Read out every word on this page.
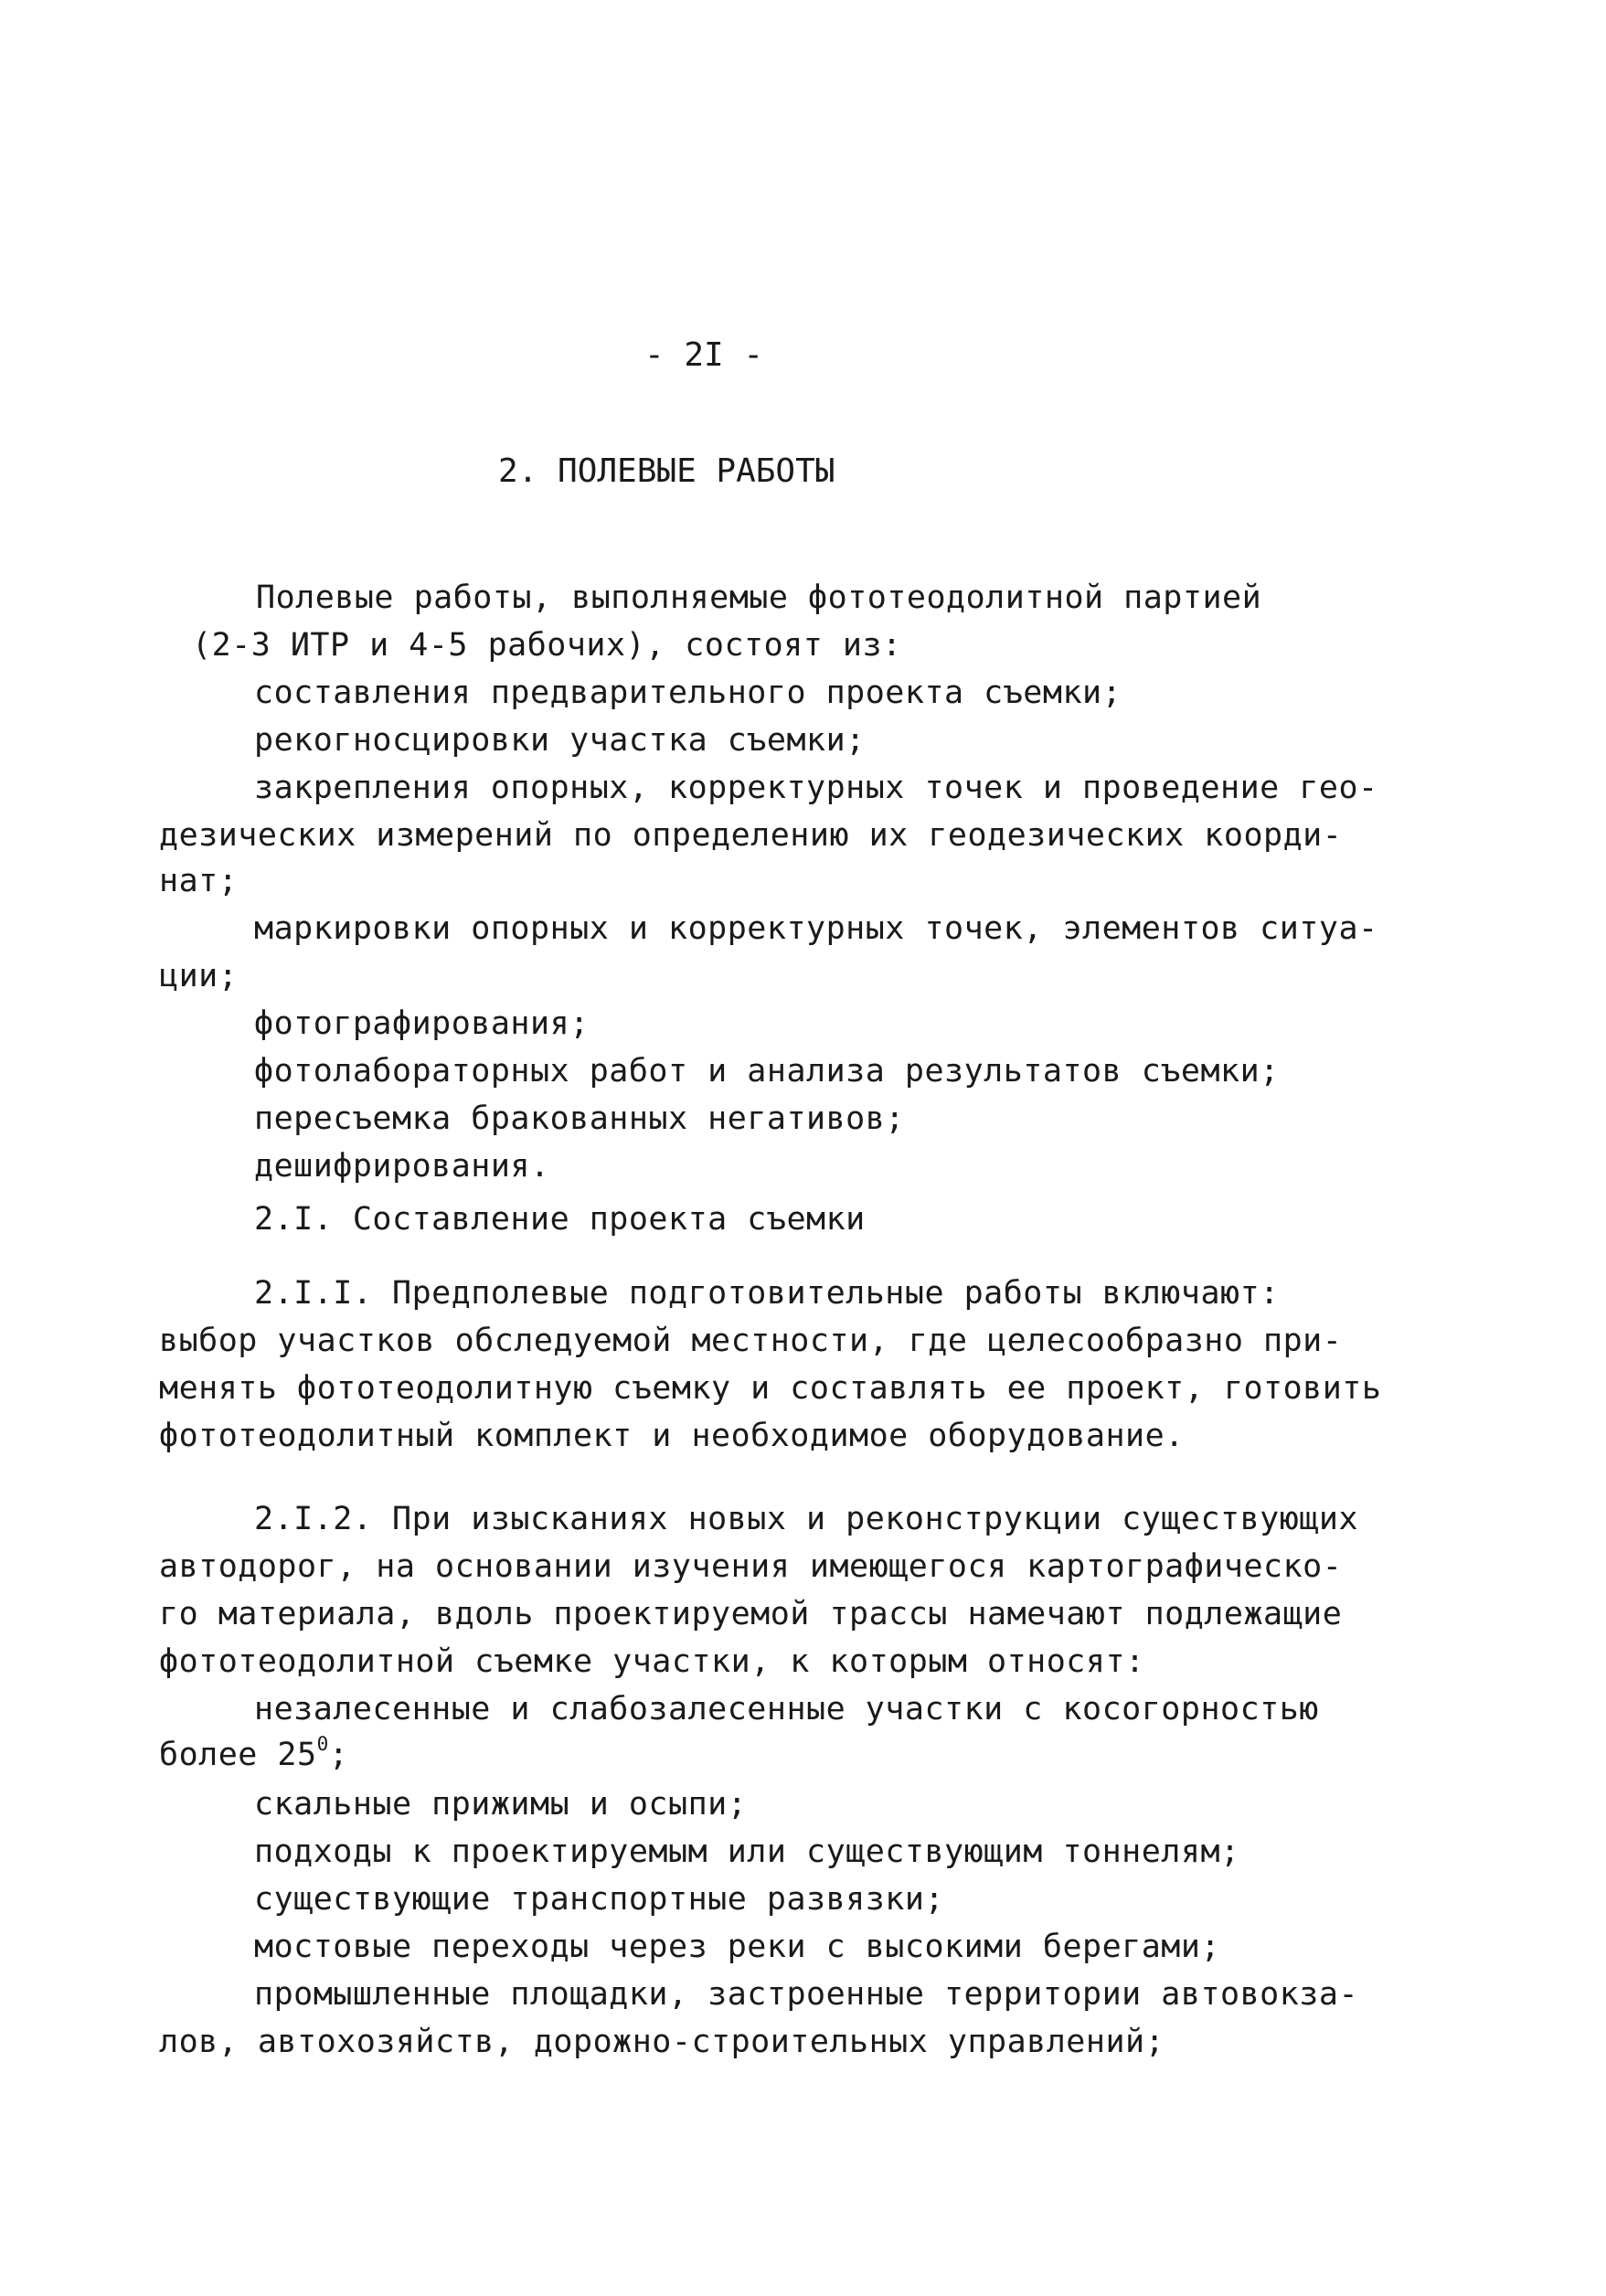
- 2I -
2. ПОЛЕВЫЕ РАБОТЫ
Полевые работы, выполняемые фототеодолитной партией
(2-3 ИТР и 4-5 рабочих), состоят из:
составления предварительного проекта съемки;
рекогносцировки участка съемки;
закрепления опорных, корректурных точек и проведение гео-
дезических измерений по определению их геодезических коорди-
нат;
маркировки опорных и корректурных точек, элементов ситуа-
ции;
фотографирования;
фотолабораторных работ и анализа результатов съемки;
пересъемка бракованных негативов;
дешифрирования.
2.I. Составление проекта съемки
2.I.I. Предполевые подготовительные работы включают:
выбор участков обследуемой местности, где целесообразно при-
менять фототеодолитную съемку и составлять ее проект, готовить
фототеодолитный комплект и необходимое оборудование.
2.I.2. При изысканиях новых и реконструкции существующих
автодорог, на основании изучения имеющегося картографическо-
го материала, вдоль проектируемой трассы намечают подлежащие
фототеодолитной съемке участки, к которым относят:
незалесенные и слабозалесенные участки с косогорностью
более $25^0$;
скальные прижимы и осыпи;
подходы к проектируемым или существующим тоннелям;
существующие транспортные развязки;
мостовые переходы через реки с высокими берегами;
промышленные площадки, застроенные территории автовокза-
лов, автохозяйств, дорожно-строительных управлений;
